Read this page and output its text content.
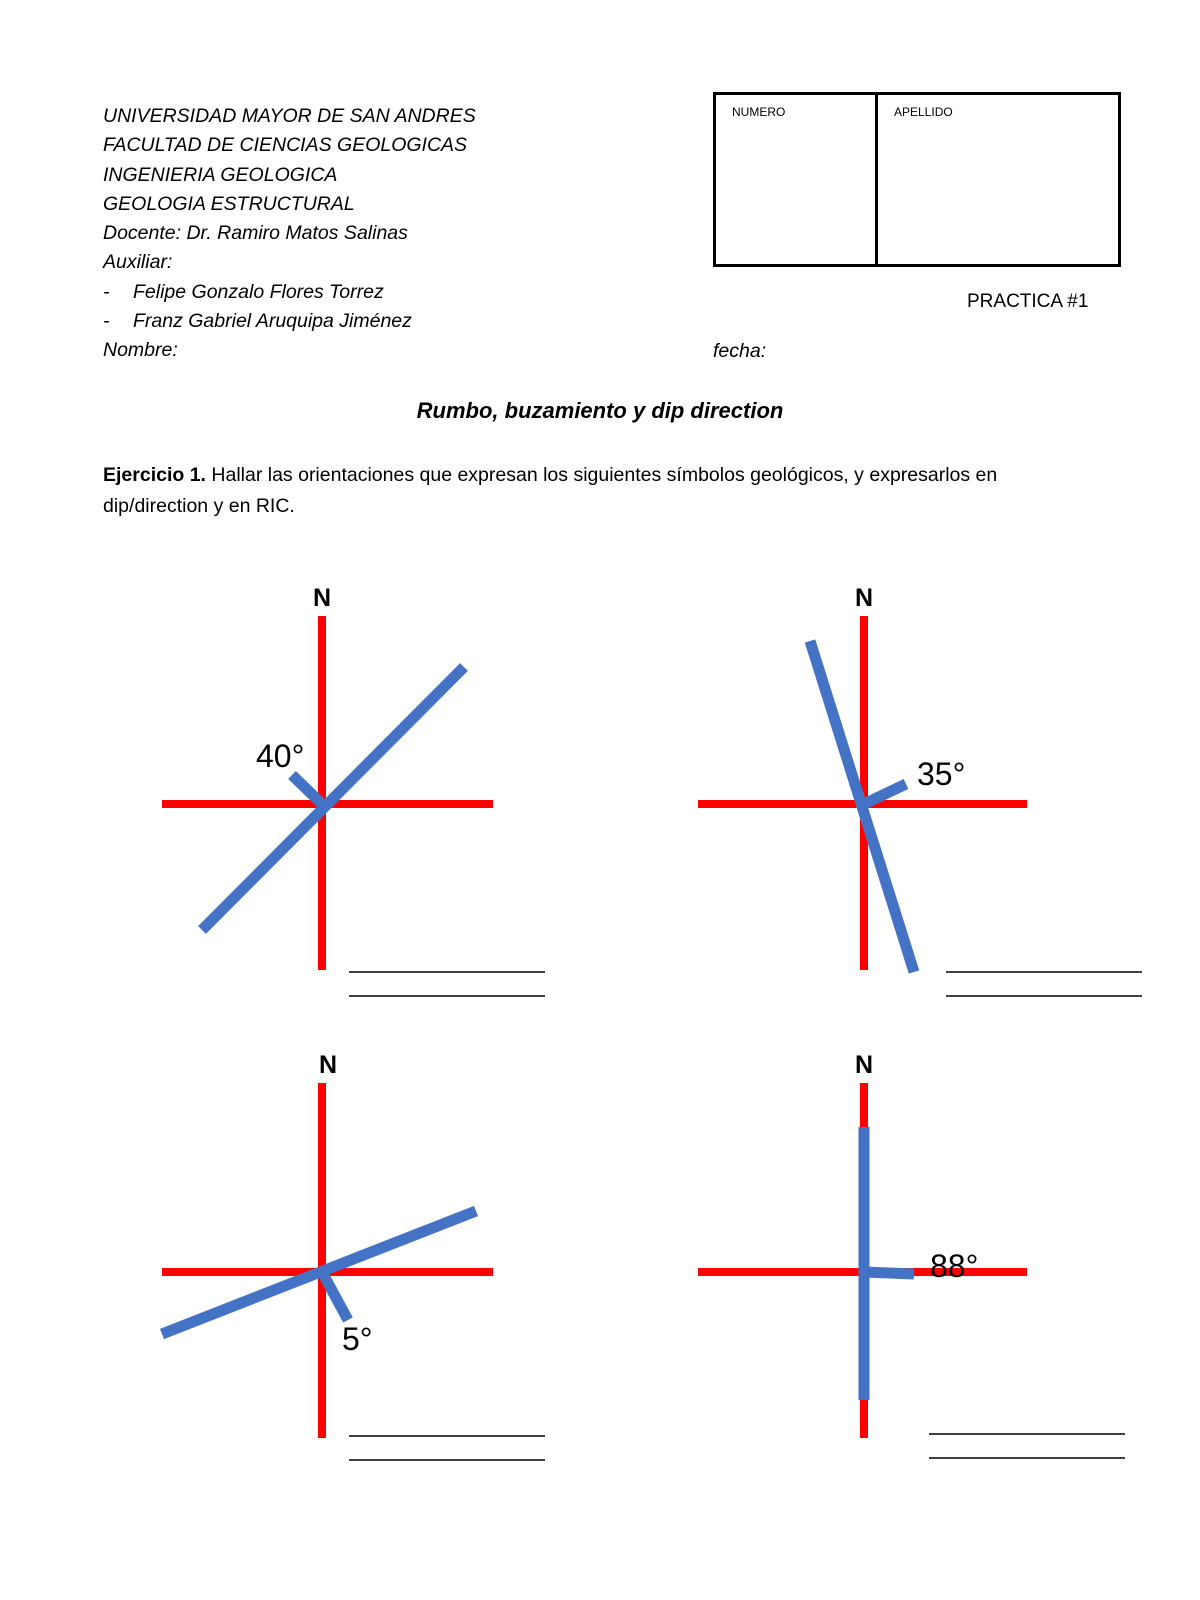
UNIVERSIDAD MAYOR DE SAN ANDRES
FACULTAD DE CIENCIAS GEOLOGICAS
INGENIERIA GEOLOGICA
GEOLOGIA ESTRUCTURAL
Docente: Dr. Ramiro Matos Salinas
Auxiliar:
- Felipe Gonzalo Flores Torrez
- Franz Gabriel Aruquipa Jiménez
Nombre:	fecha:
NUMERO	APELLIDO
PRACTICA #1
Rumbo, buzamiento y dip direction
Ejercicio 1. Hallar las orientaciones que expresan los siguientes símbolos geológicos, y expresarlos en dip/direction y en RIC.
N
40°
N
35°
N
5°
N
88°
